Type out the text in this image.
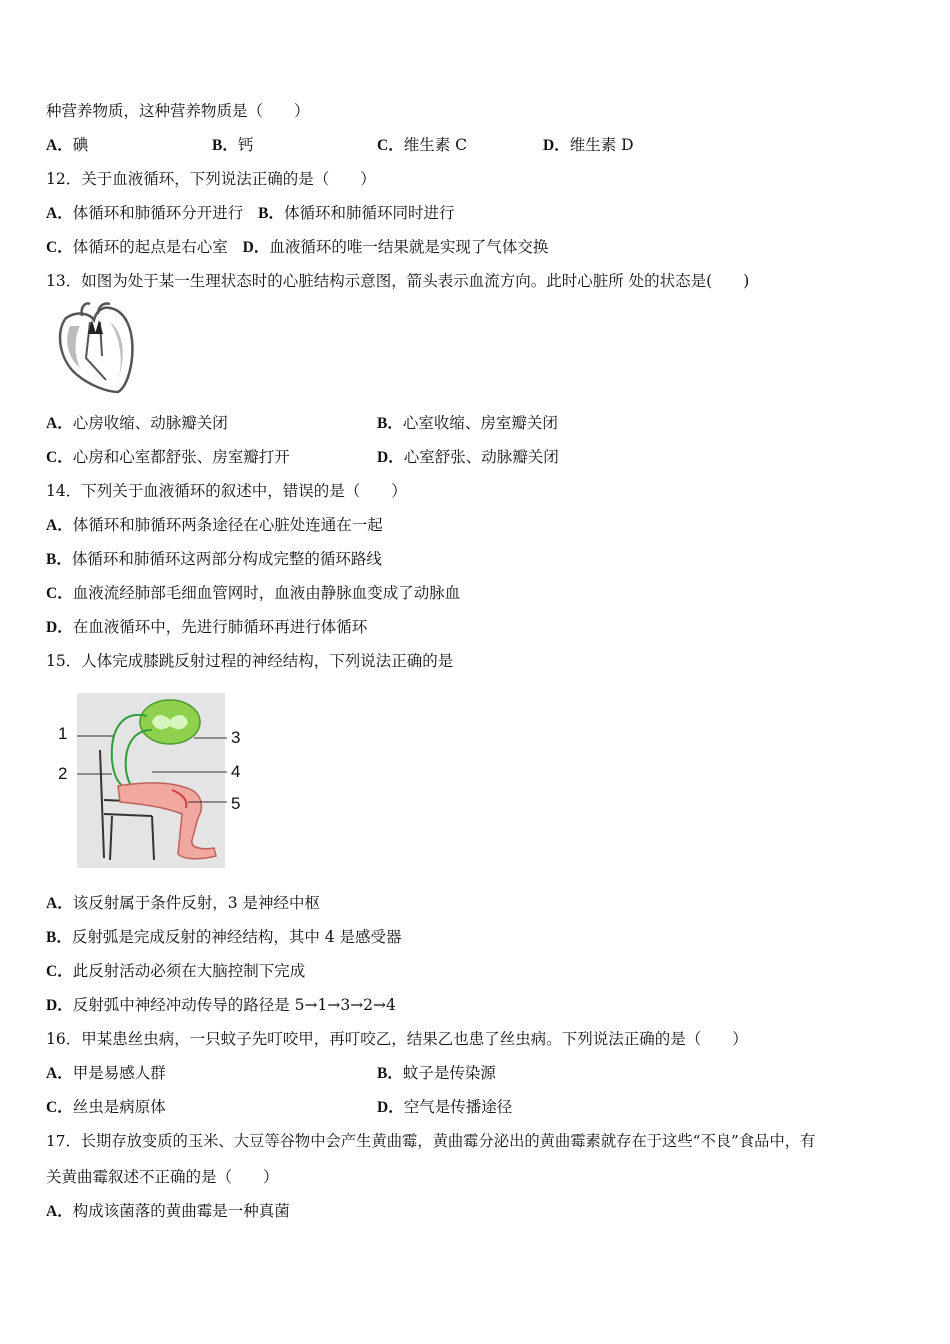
种营养物质，这种营养物质是（　　）
A．碘	B．钙	C．维生素 C	D．维生素 D
12．关于血液循环，下列说法正确的是（　　）
A．体循环和肺循环分开进行 B．体循环和肺循环同时进行
C．体循环的起点是右心室 D．血液循环的唯一结果就是实现了气体交换
13．如图为处于某一生理状态时的心脏结构示意图，箭头表示血流方向。此时心脏所 处的状态是(　　)
A．心房收缩、动脉瓣关闭	B．心室收缩、房室瓣关闭
C．心房和心室都舒张、房室瓣打开	D．心室舒张、动脉瓣关闭
14．下列关于血液循环的叙述中，错误的是（　　）
A．体循环和肺循环两条途径在心脏处连通在一起
B．体循环和肺循环这两部分构成完整的循环路线
C．血液流经肺部毛细血管网时，血液由静脉血变成了动脉血
D．在血液循环中，先进行肺循环再进行体循环
15．人体完成膝跳反射过程的神经结构，下列说法正确的是
1
2
3
4
5
A．该反射属于条件反射，3 是神经中枢
B．反射弧是完成反射的神经结构，其中 4 是感受器
C．此反射活动必须在大脑控制下完成
D．反射弧中神经冲动传导的路径是 5→1→3→2→4
16．甲某患丝虫病，一只蚊子先叮咬甲，再叮咬乙，结果乙也患了丝虫病。下列说法正确的是（　　）
A．甲是易感人群	B．蚊子是传染源
C．丝虫是病原体	D．空气是传播途径
17．长期存放变质的玉米、大豆等谷物中会产生黄曲霉，黄曲霉分泌出的黄曲霉素就存在于这些“不良”食品中，有
关黄曲霉叙述不正确的是（　　）
A．构成该菌落的黄曲霉是一种真菌
